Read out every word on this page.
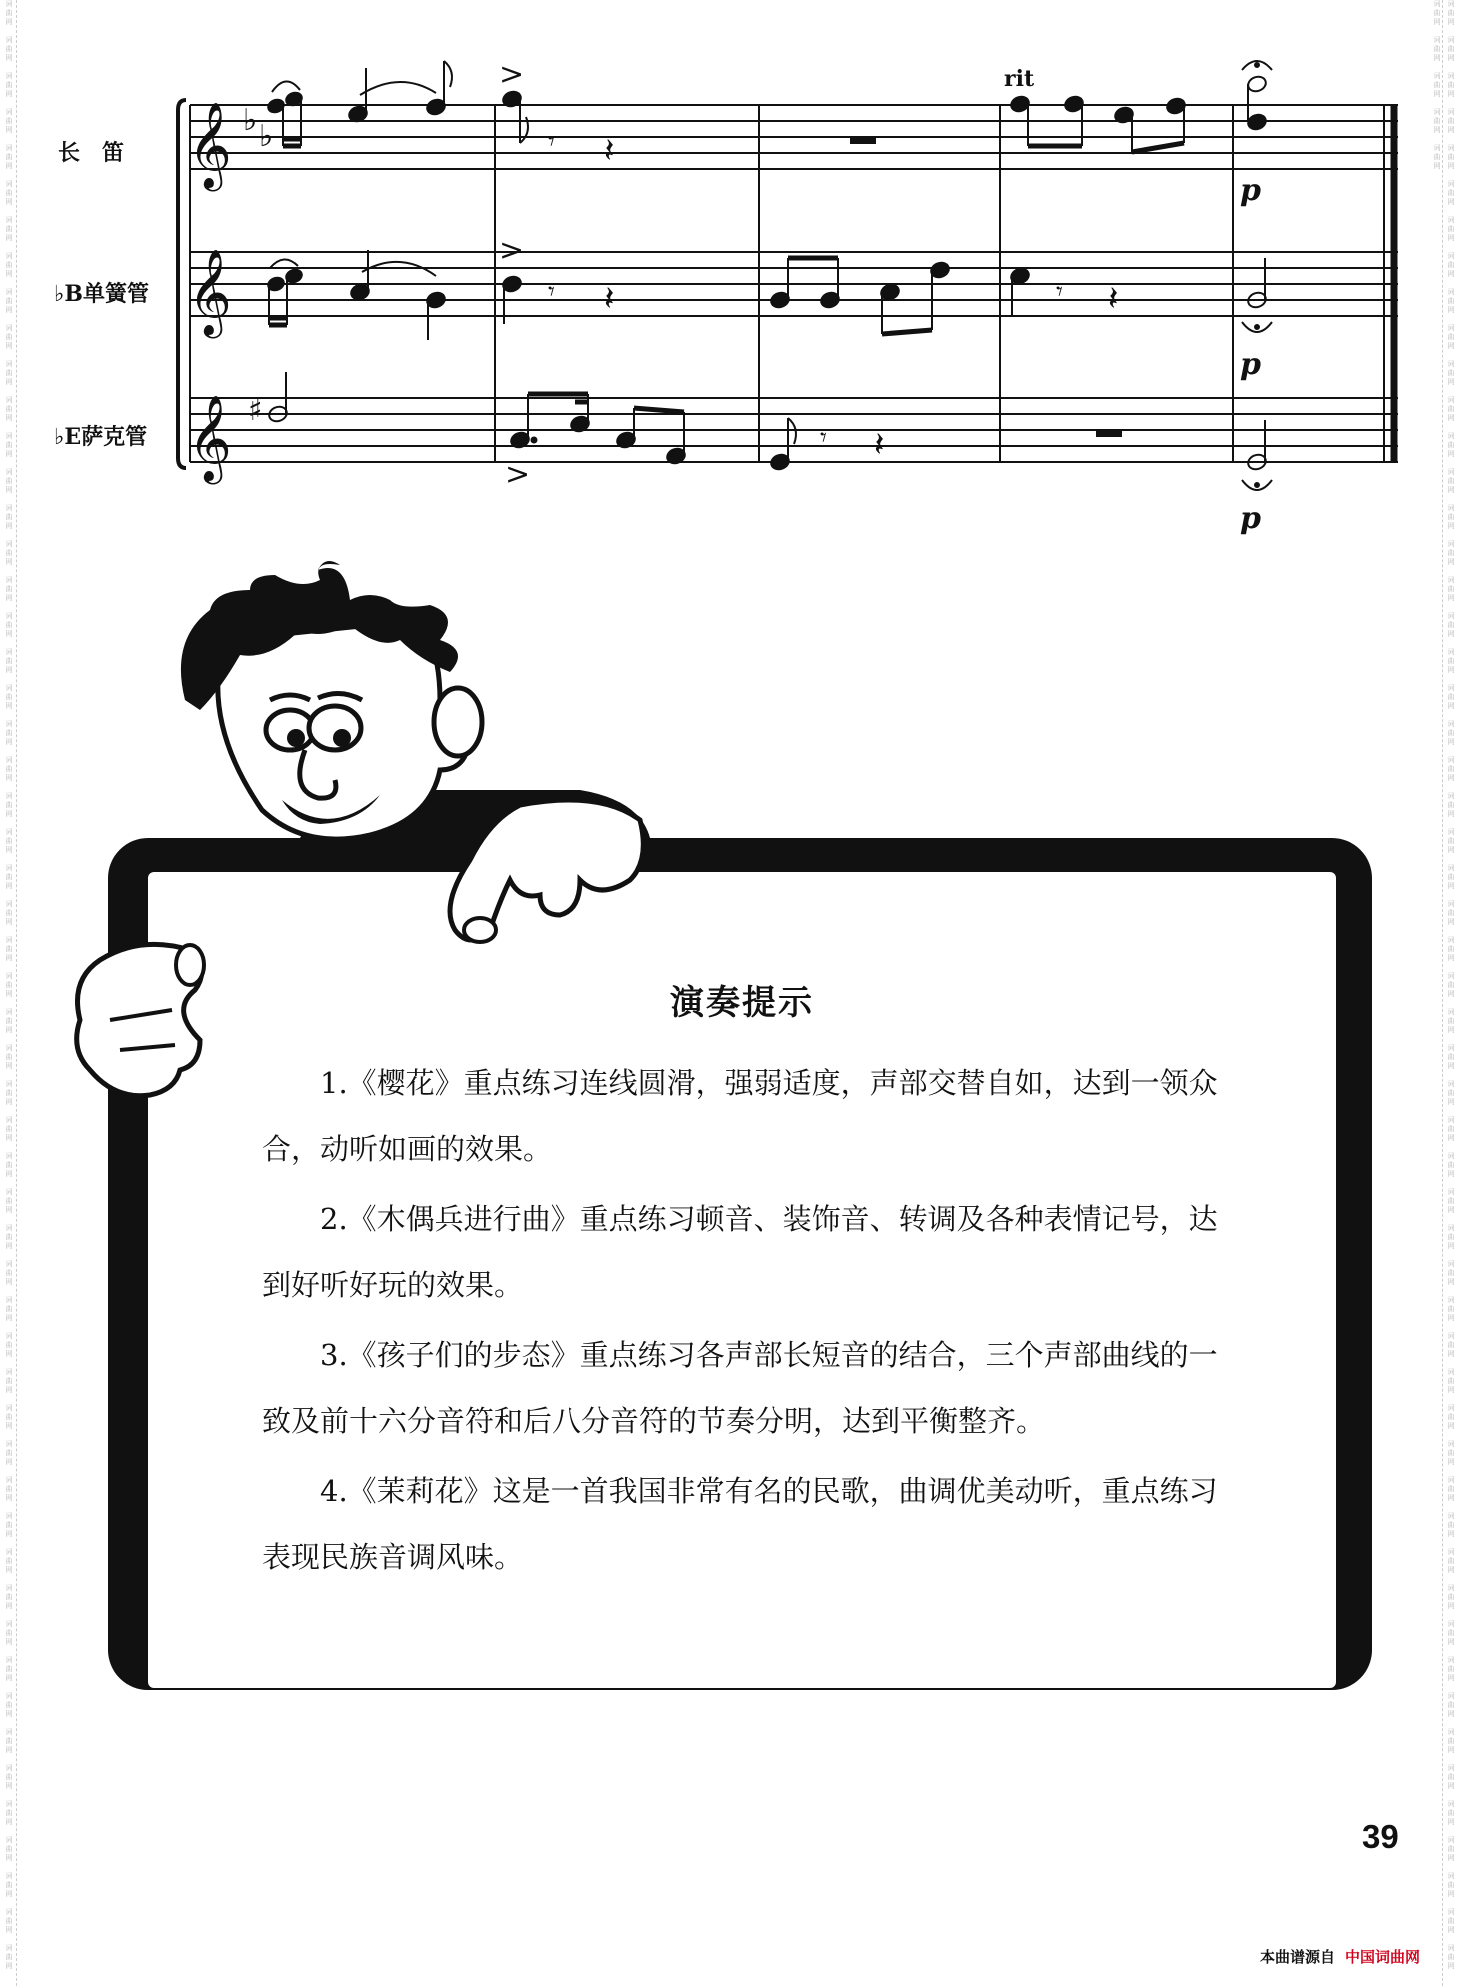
词曲网　词曲网　词曲网　词曲网　词曲网　词曲网　词曲网　词曲网　词曲网　词曲网　词曲网　词曲网　词曲网　词曲网　词曲网　词曲网　词曲网　词曲网　词曲网　词曲网　词曲网　词曲网　词曲网　词曲网　词曲网　词曲网　词曲网　词曲网　词曲网　词曲网　词曲网　词曲网　词曲网　词曲网　词曲网　词曲网　词曲网　词曲网　词曲网　词曲网　词曲网　词曲网　词曲网　词曲网　词曲网　词曲网　词曲网　词曲网　词曲网　词曲网　词曲网　词曲网　词曲网　词曲网　词曲网　　　　　	词曲网　词曲网　词曲网　词曲网　词曲网　词曲网　词曲网　词曲网　词曲网　词曲网　词曲网　词曲网　词曲网　词曲网　词曲网　词曲网　词曲网　词曲网　词曲网　词曲网　词曲网　词曲网　词曲网　词曲网　词曲网　词曲网　词曲网　词曲网　词曲网　词曲网　词曲网　词曲网　词曲网　词曲网　词曲网　词曲网　词曲网　词曲网　词曲网　词曲网　词曲网　词曲网　词曲网　词曲网　词曲网　词曲网　词曲网　词曲网　词曲网　词曲网　词曲网　词曲网　词曲网　词曲网　词曲网　词曲网　词曲网　词曲网　词曲网　词曲网
长　笛
♭B单簧管
♭E萨克管
𝄞
𝄞
𝄞
♭ ♭
♯
>
𝄾 𝄽
rit
p
>
𝄾 𝄽	𝄾 𝄽
p
>
𝄾 𝄽
p
演奏提示

1.《樱花》重点练习连线圆滑，强弱适度，声部交替自如，达到一领众合，动听如画的效果。

2.《木偶兵进行曲》重点练习顿音、装饰音、转调及各种表情记号，达到好听好玩的效果。

3.《孩子们的步态》重点练习各声部长短音的结合，三个声部曲线的一致及前十六分音符和后八分音符的节奏分明，达到平衡整齐。

4.《茉莉花》这是一首我国非常有名的民歌，曲调优美动听，重点练习表现民族音调风味。

39
本曲谱源自 中国词曲网
